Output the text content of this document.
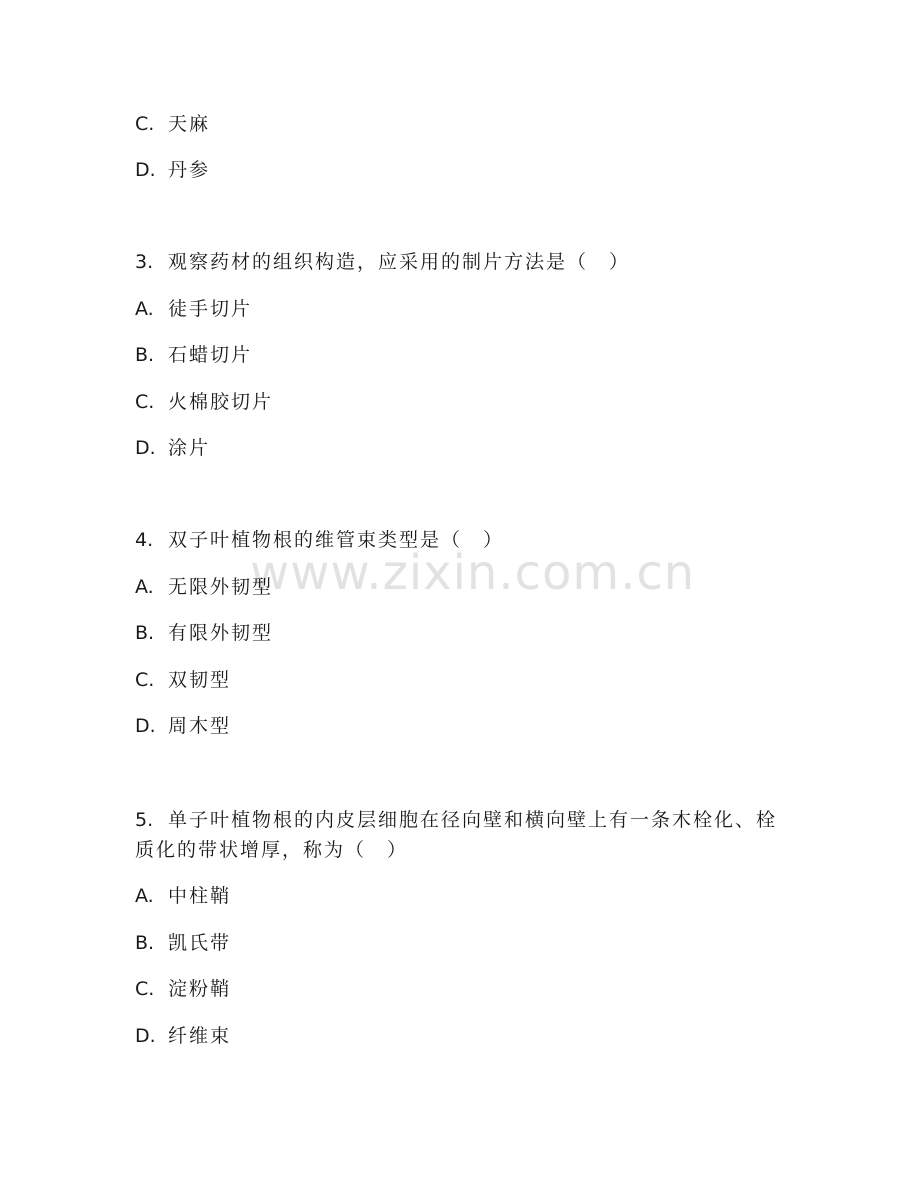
www.zixin.com.cn
C. 天麻
D. 丹参
3. 观察药材的组织构造，应采用的制片方法是（　）
A. 徒手切片
B. 石蜡切片
C. 火棉胶切片
D. 涂片
4. 双子叶植物根的维管束类型是（　）
A. 无限外韧型
B. 有限外韧型
C. 双韧型
D. 周木型
5. 单子叶植物根的内皮层细胞在径向壁和横向壁上有一条木栓化、栓
质化的带状增厚，称为（　）
A. 中柱鞘
B. 凯氏带
C. 淀粉鞘
D. 纤维束
